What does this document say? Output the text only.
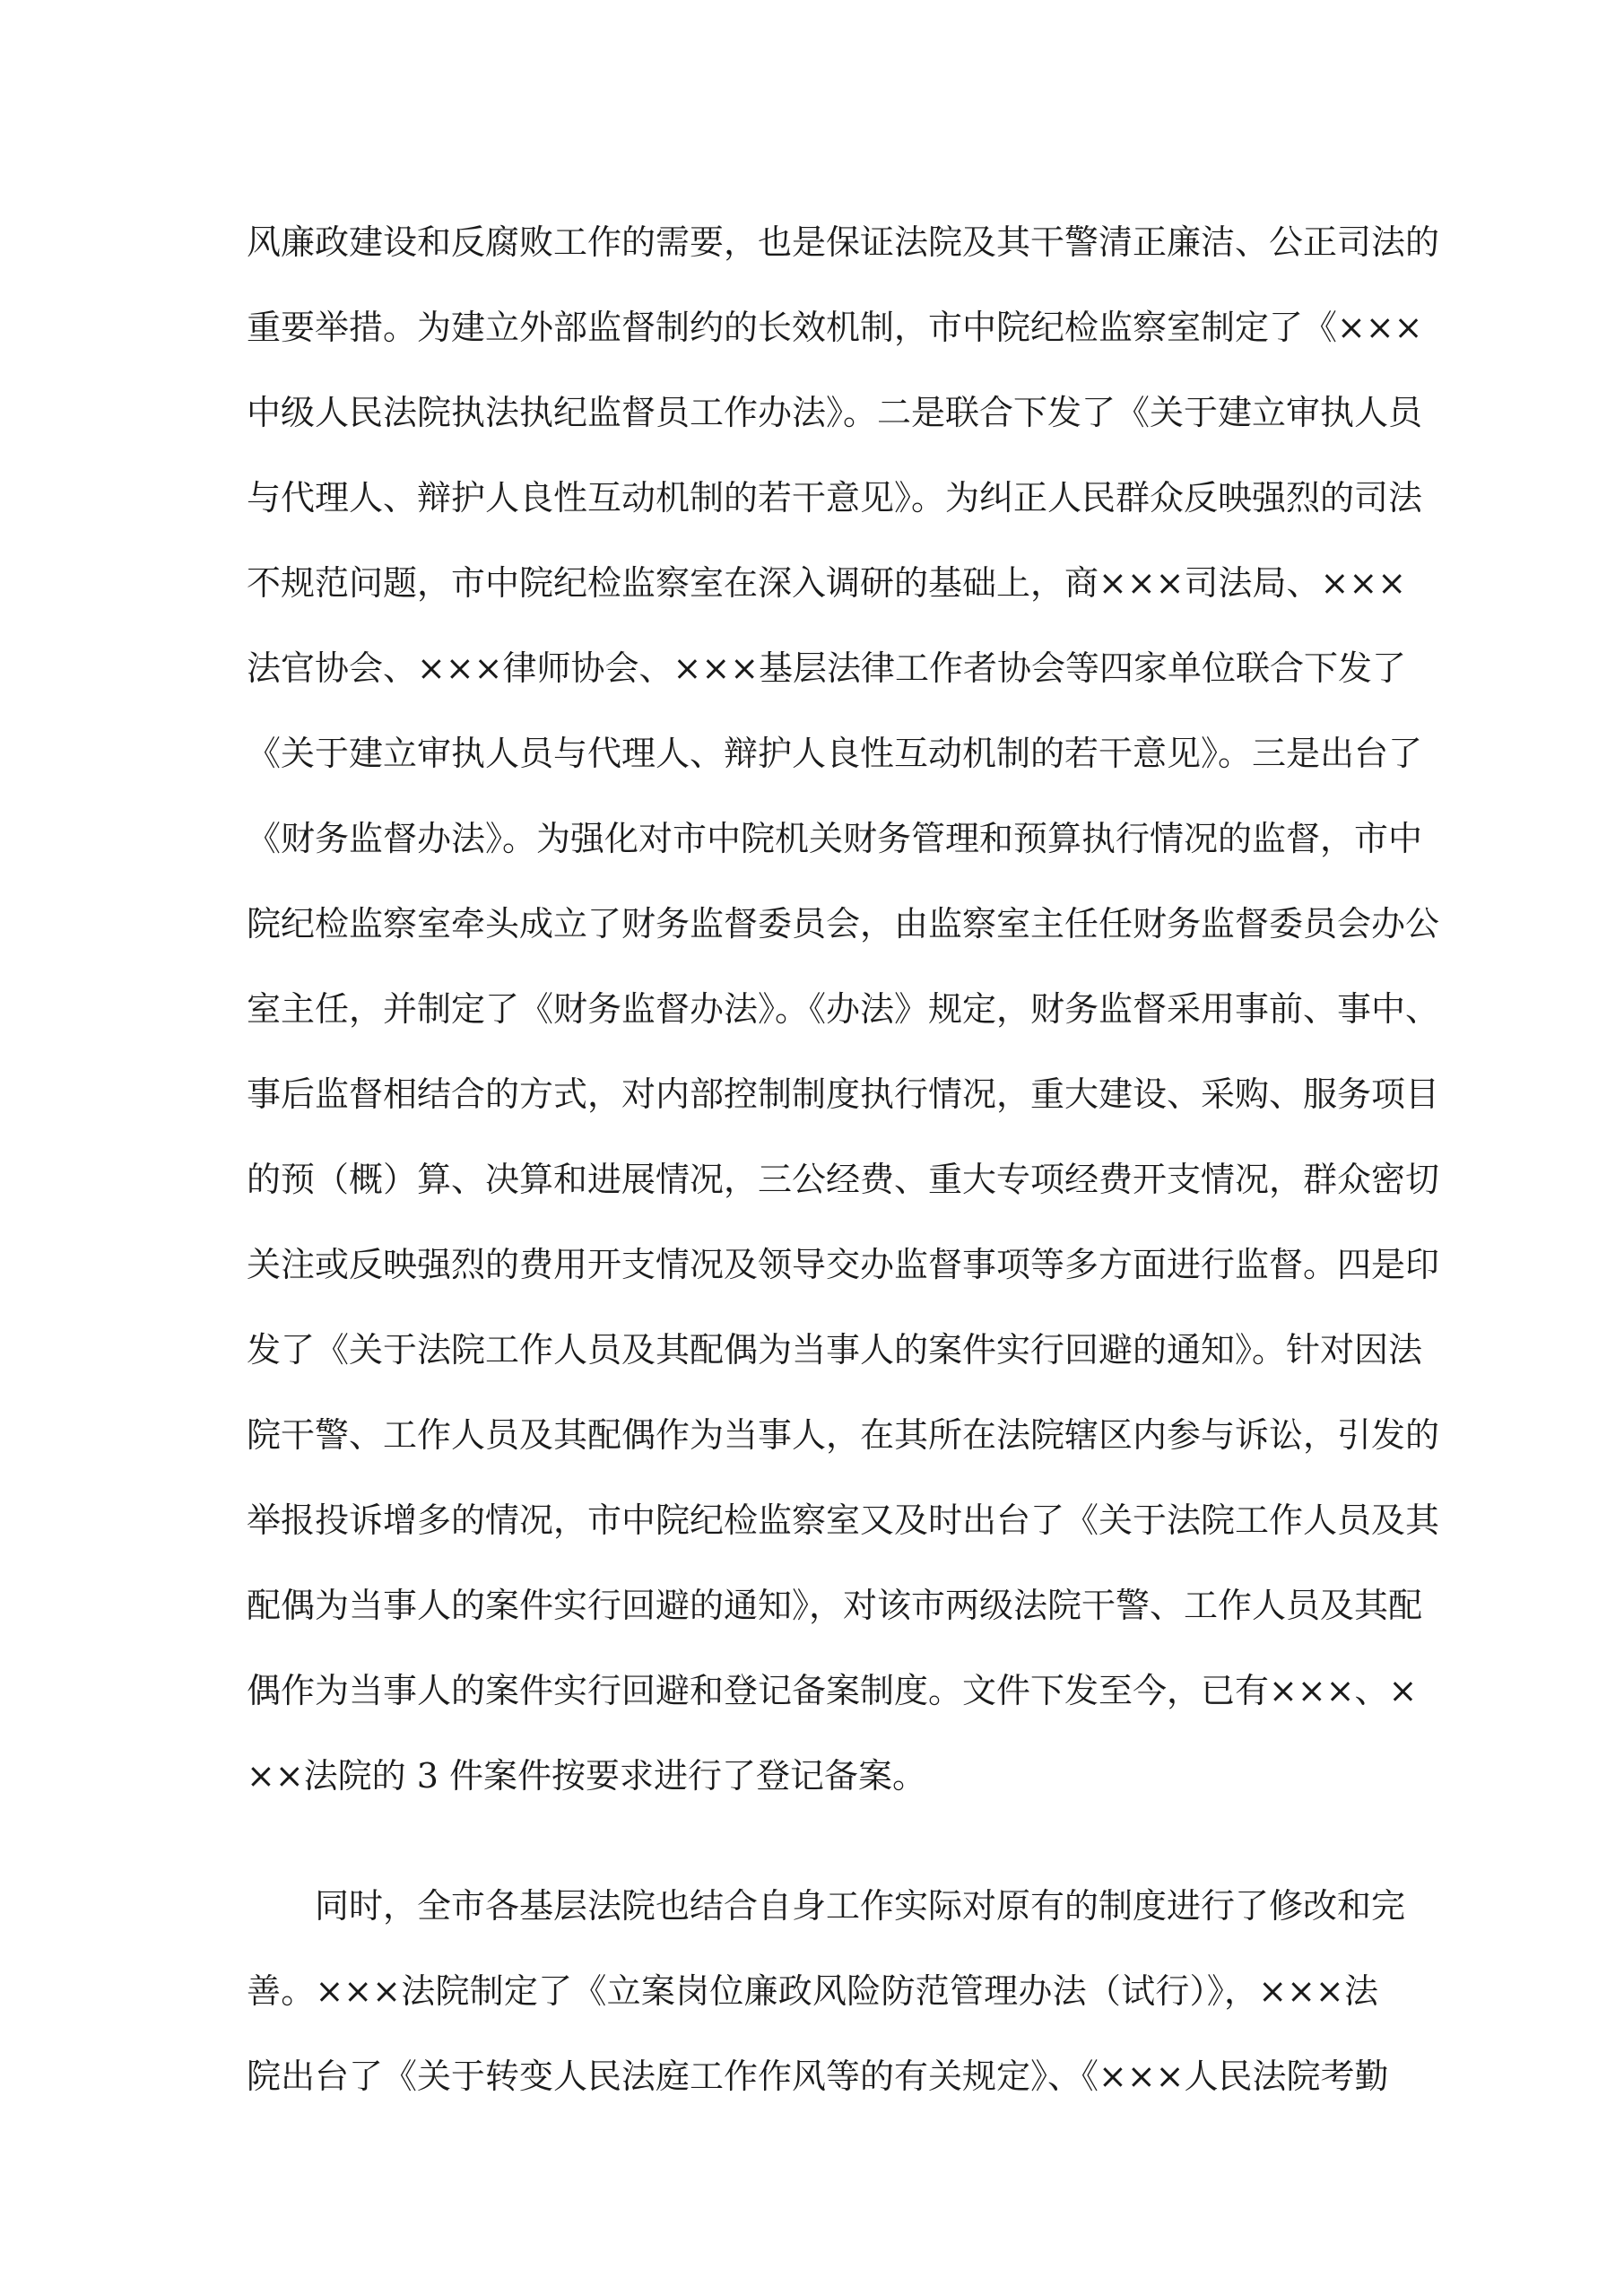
风廉政建设和反腐败工作的需要，也是保证法院及其干警清正廉洁、公正司法的
重要举措。为建立外部监督制约的长效机制，市中院纪检监察室制定了《×××
中级人民法院执法执纪监督员工作办法》。二是联合下发了《关于建立审执人员
与代理人、辩护人良性互动机制的若干意见》。为纠正人民群众反映强烈的司法
不规范问题，市中院纪检监察室在深入调研的基础上，商×××司法局、×××
法官协会、×××律师协会、×××基层法律工作者协会等四家单位联合下发了
《关于建立审执人员与代理人、辩护人良性互动机制的若干意见》。三是出台了
《财务监督办法》。为强化对市中院机关财务管理和预算执行情况的监督，市中
院纪检监察室牵头成立了财务监督委员会，由监察室主任任财务监督委员会办公
室主任，并制定了《财务监督办法》。《办法》规定，财务监督采用事前、事中、
事后监督相结合的方式，对内部控制制度执行情况，重大建设、采购、服务项目
的预（概）算、决算和进展情况，三公经费、重大专项经费开支情况，群众密切
关注或反映强烈的费用开支情况及领导交办监督事项等多方面进行监督。四是印
发了《关于法院工作人员及其配偶为当事人的案件实行回避的通知》。针对因法
院干警、工作人员及其配偶作为当事人，在其所在法院辖区内参与诉讼，引发的
举报投诉增多的情况，市中院纪检监察室又及时出台了《关于法院工作人员及其
配偶为当事人的案件实行回避的通知》，对该市两级法院干警、工作人员及其配
偶作为当事人的案件实行回避和登记备案制度。文件下发至今，已有×××、×
××法院的 3 件案件按要求进行了登记备案。
同时，全市各基层法院也结合自身工作实际对原有的制度进行了修改和完
善。×××法院制定了《立案岗位廉政风险防范管理办法（试行）》，×××法
院出台了《关于转变人民法庭工作作风等的有关规定》、《×××人民法院考勤
